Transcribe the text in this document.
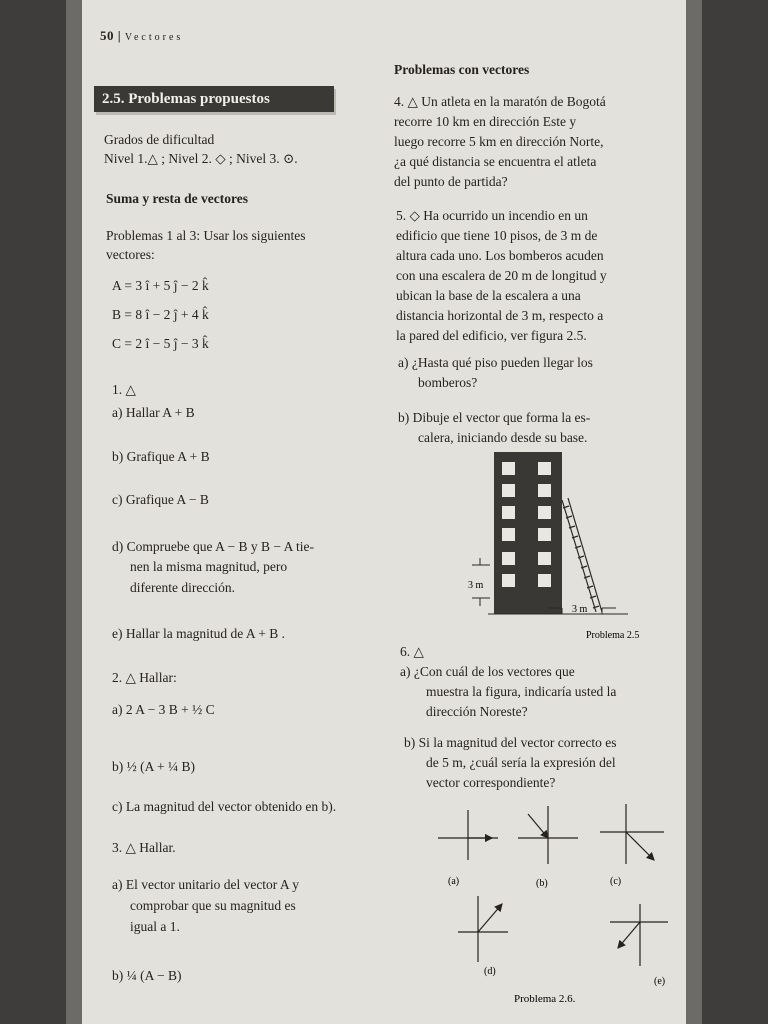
50 | Vectores
2.5. Problemas propuestos
Grados de dificultad
Nivel 1.△ ; Nivel 2. ◇ ; Nivel 3. ⊙.
Suma y resta de vectores
Problemas 1 al 3: Usar los siguientes
vectores:
A = 3 î + 5 ĵ − 2 k̂
B = 8 î − 2 ĵ + 4 k̂
C = 2 î − 5 ĵ − 3 k̂
1. △
a) Hallar A + B
b) Grafique A + B
c) Grafique A − B
d) Compruebe que A − B y B − A tie-
nen la misma magnitud, pero
diferente dirección.
e) Hallar la magnitud de A + B .
2. △ Hallar:
a) 2 A − 3 B + ½ C
b) ½ (A + ¼ B)
c) La magnitud del vector obtenido en b).
3. △ Hallar.
a) El vector unitario del vector A y
comprobar que su magnitud es
igual a 1.
b) ¼ (A − B)
Problemas con vectores
4. △ Un atleta en la maratón de Bogotá
recorre 10 km en dirección Este y
luego recorre 5 km en dirección Norte,
¿a qué distancia se encuentra el atleta
del punto de partida?
5. ◇ Ha ocurrido un incendio en un
edificio que tiene 10 pisos, de 3 m de
altura cada uno. Los bomberos acuden
con una escalera de 20 m de longitud y
ubican la base de la escalera a una
distancia horizontal de 3 m, respecto a
la pared del edificio, ver figura 2.5.
a) ¿Hasta qué piso pueden llegar los
bomberos?
b) Dibuje el vector que forma la es-
calera, iniciando desde su base.
3 m
3 m
Problema 2.5
6. △
a) ¿Con cuál de los vectores que
muestra la figura, indicaría usted la
dirección Noreste?
b) Si la magnitud del vector correcto es
de 5 m, ¿cuál sería la expresión del
vector correspondiente?
(a)	(b)	(c)
(d)
(e)
Problema 2.6.
